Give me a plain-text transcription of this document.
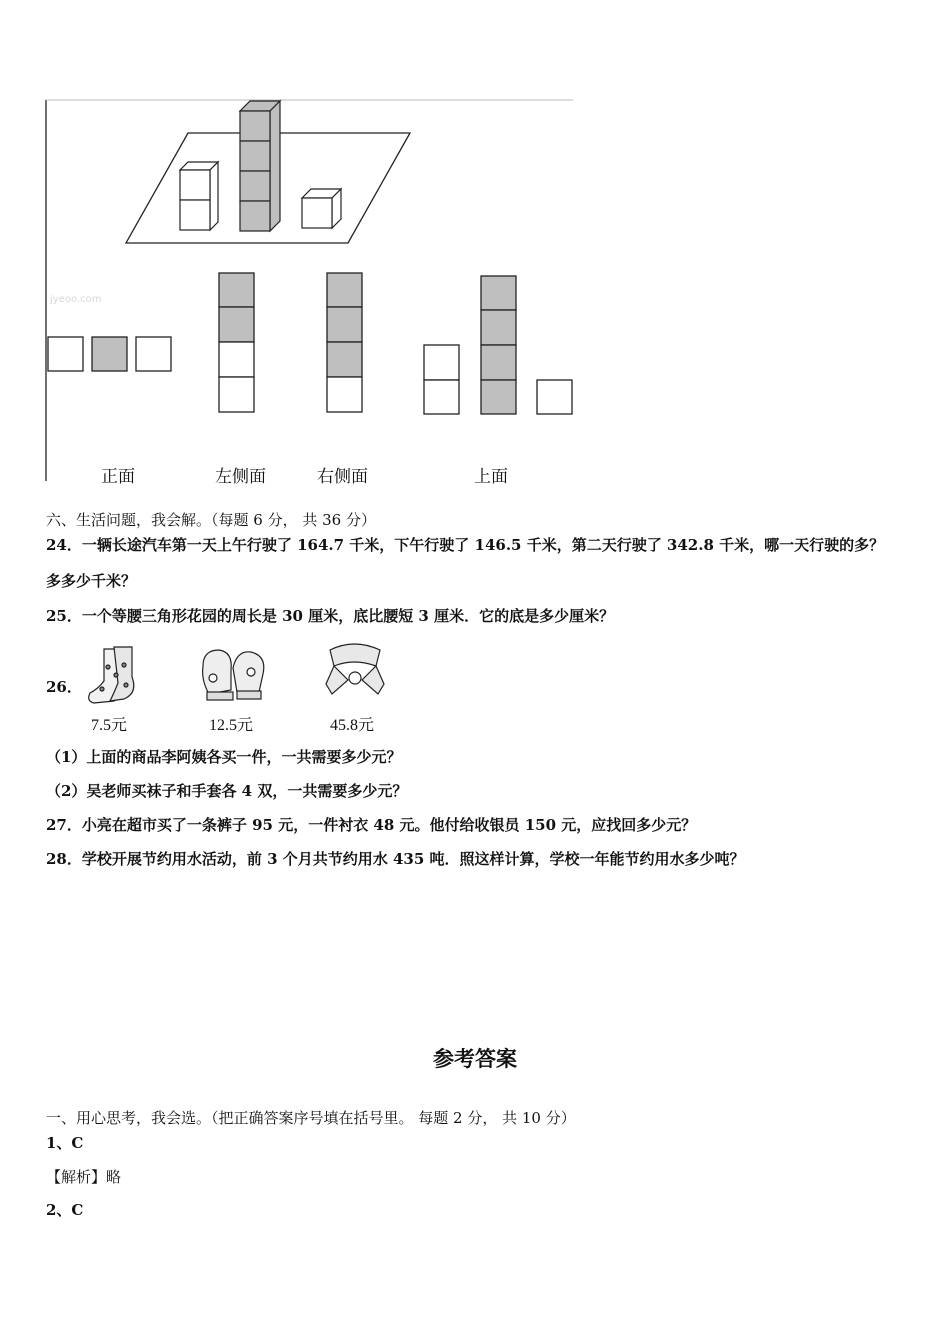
jyeoo.com
正面	左侧面	右侧面	上面
六、生活问题，我会解。（每题 6 分， 共 36 分）
24．一辆长途汽车第一天上午行驶了 164.7 千米，下午行驶了 146.5 千米，第二天行驶了 342.8 千米，哪一天行驶的多？
多多少千米？
25．一个等腰三角形花园的周长是 30 厘米，底比腰短 3 厘米．它的底是多少厘米？
26．
7.5元	12.5元	45.8元
（1）上面的商品李阿姨各买一件，一共需要多少元？
（2）吴老师买袜子和手套各 4 双，一共需要多少元？
27．小亮在超市买了一条裤子 95 元，一件衬衣 48 元。他付给收银员 150 元，应找回多少元？
28．学校开展节约用水活动，前 3 个月共节约用水 435 吨．照这样计算，学校一年能节约用水多少吨？
参考答案
一、用心思考，我会选。（把正确答案序号填在括号里。 每题 2 分， 共 10 分）
1、C
【解析】略
2、C
